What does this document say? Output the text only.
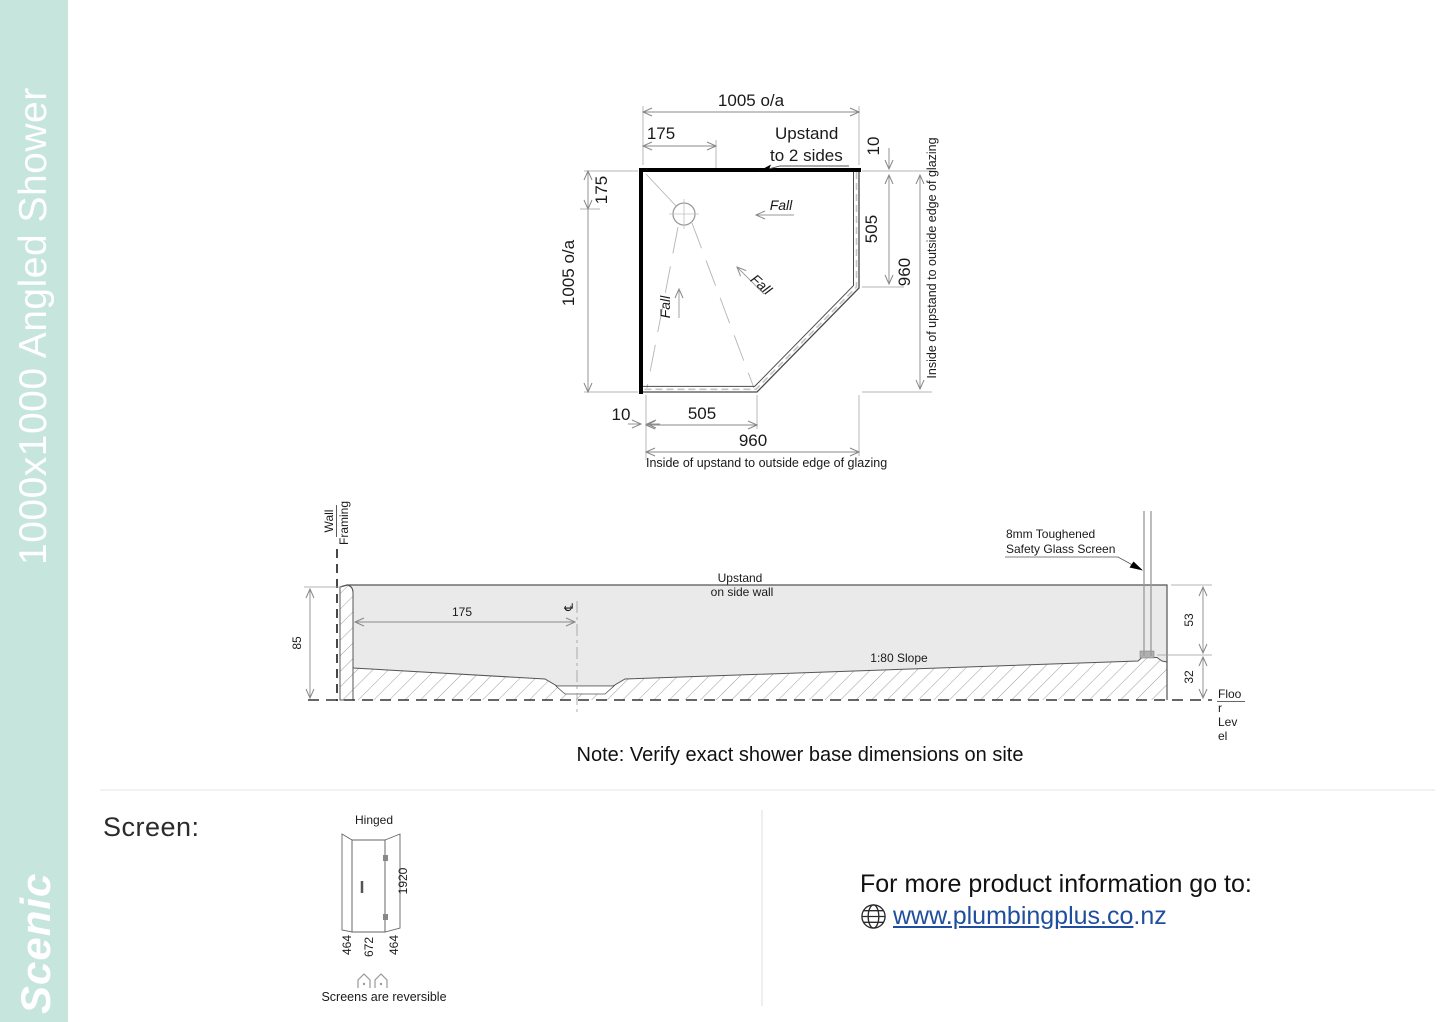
1000x1000 Angled Shower
Scenic
Fall
Fall
Fall
1005 o/a
175	Upstand
to 2 sides 10
505
960 Inside of upstand to outside edge of glazing
175
1005 o/a
10	505
960
Inside of upstand to outside edge of glazing
Wall Framing
℄
85
175
Upstand
on side wall
1:80 Slope
8mm Toughened
Safety Glass Screen
53
32
Floo
r
Lev
el
Hinged
1920
464 672 464
Screens are reversible
Note: Verify exact shower base dimensions on site
Screen:
For more product information go to:
www.plumbingplus.co.nz
